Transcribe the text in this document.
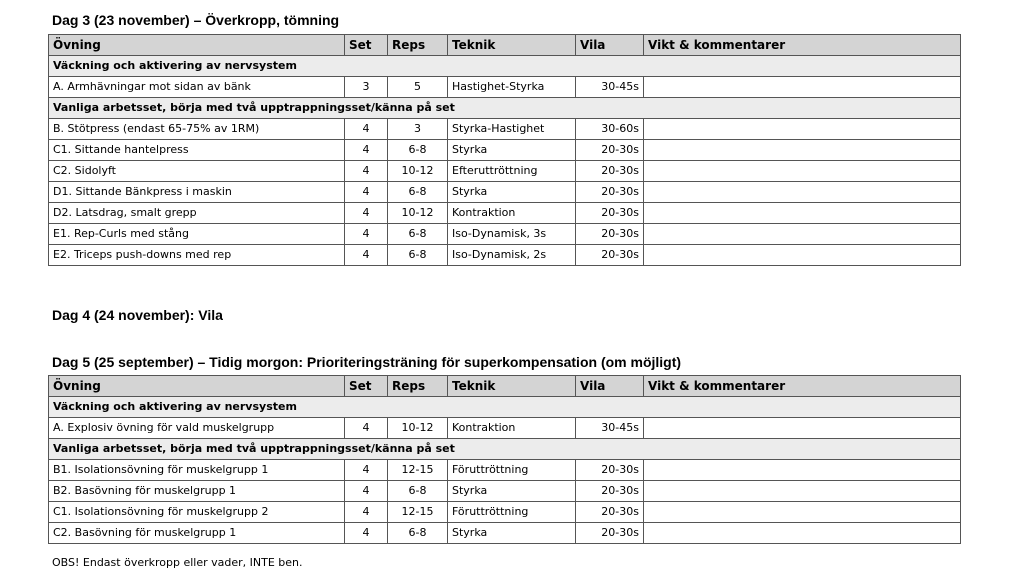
Dag 3 (23 november) – Överkropp, tömning
Övning	Set	Reps	Teknik	Vila	Vikt & kommentarer
Väckning och aktivering av nervsystem					
A. Armhävningar mot sidan av bänk	3	5	Hastighet-Styrka	30-45s	
Vanliga arbetsset, börja med två upptrappningsset/känna på set					
B. Stötpress (endast 65-75% av 1RM)	4	3	Styrka-Hastighet	30-60s	
C1. Sittande hantelpress	4	6-8	Styrka	20-30s	
C2. Sidolyft	4	10-12	Efteruttröttning	20-30s	
D1. Sittande Bänkpress i maskin	4	6-8	Styrka	20-30s	
D2. Latsdrag, smalt grepp	4	10-12	Kontraktion	20-30s	
E1. Rep-Curls med stång	4	6-8	Iso-Dynamisk, 3s	20-30s	
E2. Triceps push-downs med rep	4	6-8	Iso-Dynamisk, 2s	20-30s	
Dag 4 (24 november): Vila
Dag 5 (25 september) – Tidig morgon: Prioriteringsträning för superkompensation (om möjligt)
Övning	Set	Reps	Teknik	Vila	Vikt & kommentarer
Väckning och aktivering av nervsystem					
A. Explosiv övning för vald muskelgrupp	4	10-12	Kontraktion	30-45s	
Vanliga arbetsset, börja med två upptrappningsset/känna på set					
B1. Isolationsövning för muskelgrupp 1	4	12-15	Föruttröttning	20-30s	
B2. Basövning för muskelgrupp 1	4	6-8	Styrka	20-30s	
C1. Isolationsövning för muskelgrupp 2	4	12-15	Föruttröttning	20-30s	
C2. Basövning för muskelgrupp 1	4	6-8	Styrka	20-30s	
OBS! Endast överkropp eller vader, INTE ben.
